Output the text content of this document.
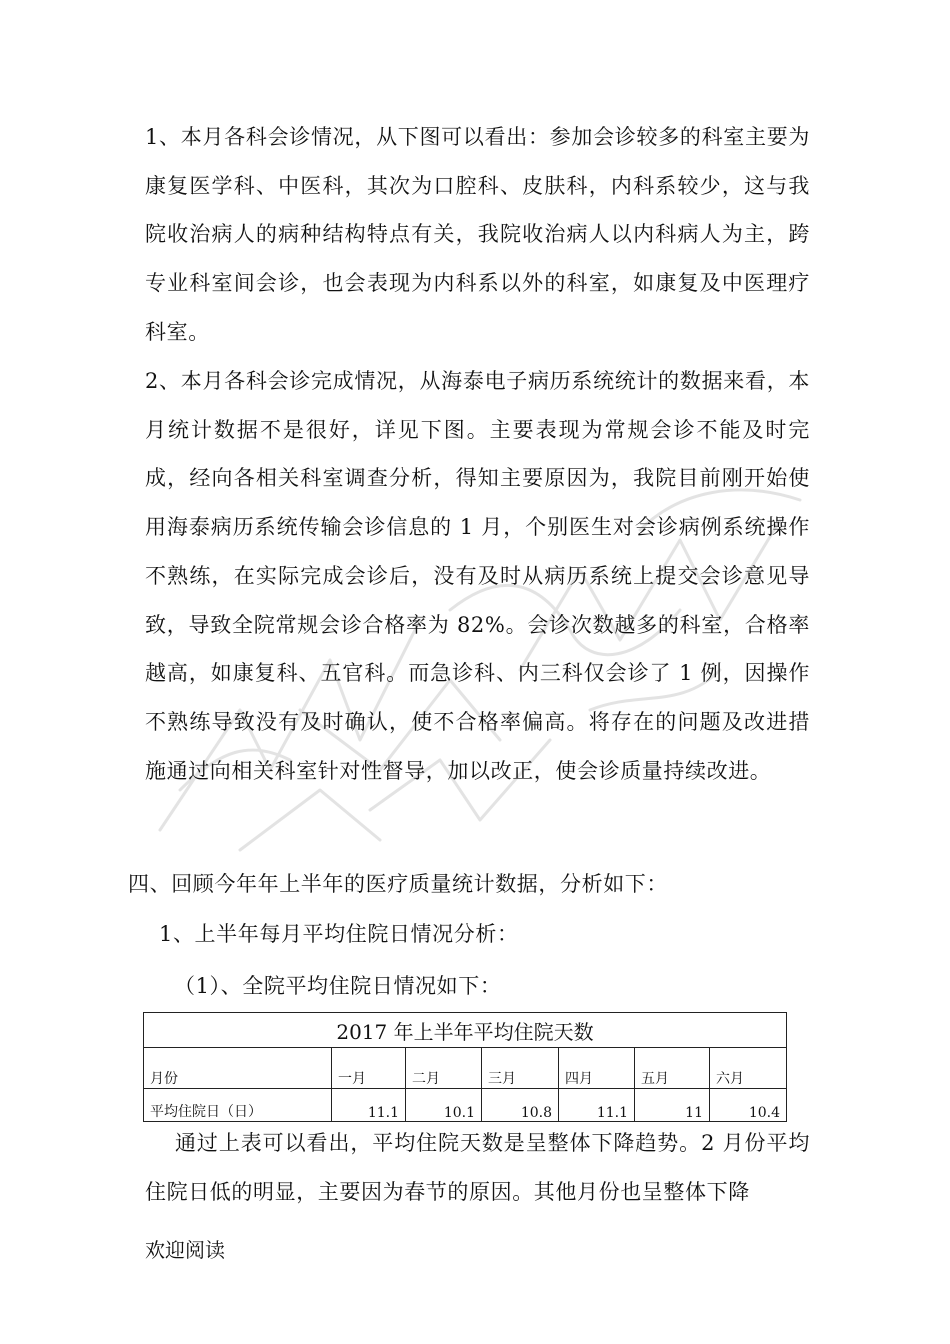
1、本月各科会诊情况，从下图可以看出：参加会诊较多的科室主要为康复医学科、中医科，其次为口腔科、皮肤科，内科系较少，这与我院收治病人的病种结构特点有关，我院收治病人以内科病人为主，跨专业科室间会诊，也会表现为内科系以外的科室，如康复及中医理疗科室。

2、本月各科会诊完成情况，从海泰电子病历系统统计的数据来看，本月统计数据不是很好，详见下图。主要表现为常规会诊不能及时完成，经向各相关科室调查分析，得知主要原因为，我院目前刚开始使用海泰病历系统传输会诊信息的 1 月，个别医生对会诊病例系统操作不熟练，在实际完成会诊后，没有及时从病历系统上提交会诊意见导致，导致全院常规会诊合格率为 82%。会诊次数越多的科室，合格率越高，如康复科、五官科。而急诊科、内三科仅会诊了 1 例，因操作不熟练导致没有及时确认，使不合格率偏高。将存在的问题及改进措施通过向相关科室针对性督导，加以改正，使会诊质量持续改进。

四、回顾今年年上半年的医疗质量统计数据，分析如下：

1、上半年每月平均住院日情况分析：

（1）、全院平均住院日情况如下：

2017 年上半年平均住院天数						
月份	一月	二月	三月	四月	五月	六月
平均住院日（日）	11.1	10.1	10.8	11.1	11	10.4

通过上表可以看出，平均住院天数是呈整体下降趋势。2 月份平均住院日低的明显，主要因为春节的原因。其他月份也呈整体下降

欢迎阅读
